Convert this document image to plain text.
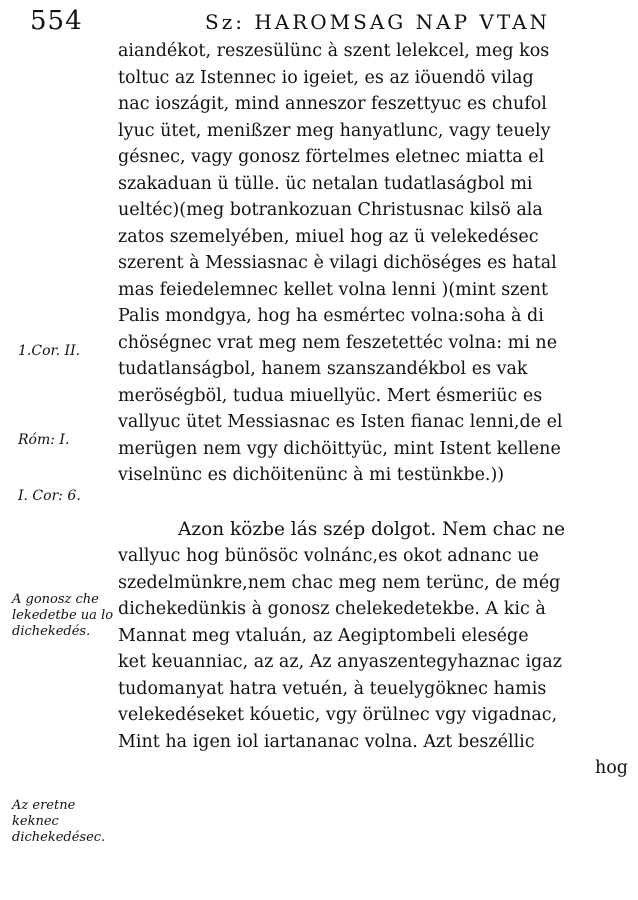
554	Sz: HAROMSAG NAP VTAN
aiandékot, reszesülünc à szent lelekcel, meg kos
toltuc az Istennec io igeiet, es az iöuendö vilag
nac ioszágit, mind anneszor feszettyuc es chufol
lyuc ütet, menißzer meg hanyatlunc, vagy teuely
gésnec, vagy gonosz förtelmes eletnec miatta el
szakaduan ü tülle. üc netalan tudatlaságbol mi
ueltéc)(meg botrankozuan Christusnac kilsö ala
zatos szemelyében, miuel hog az ü velekedésec
szerent à Messiasnac è vilagi dichöséges es hatal
mas feiedelemnec kellet volna lenni )(mint szent
Palis mondgya, hog ha esmértec volna:soha à di
chöségnec vrat meg nem feszetettéc volna: mi ne
tudatlanságbol, hanem szanszandékbol es vak
meröségböl, tudua miuellyüc. Mert ésmeriüc es
vallyuc ütet Messiasnac es Isten fianac lenni,de el
merügen nem vgy dichöittyüc, mint Istent kellene
viselnünc es dichöitenünc à mi testünkbe.))
Azon közbe lás szép dolgot. Nem chac ne
vallyuc hog bünösöc volnánc,es okot adnanc ue
szedelmünkre,nem chac meg nem terünc, de még
dichekedünkis à gonosz chelekedetekbe. A kic à
Mannat meg vtaluán, az Aegiptombeli elesége
ket keuanniac, az az, Az anyaszentegyhaznac igaz
tudomanyat hatra vetuén, à teuelygöknec hamis
velekedéseket kóuetic, vgy örülnec vgy vigadnac,
Mint ha igen iol iartananac volna. Azt beszéllic
hog
1.Cor. II.
Róm: I.
I. Cor: 6.
A gonosz che lekedetbe ua lo dichekedés.
Az eretne keknec dichekedésec.
